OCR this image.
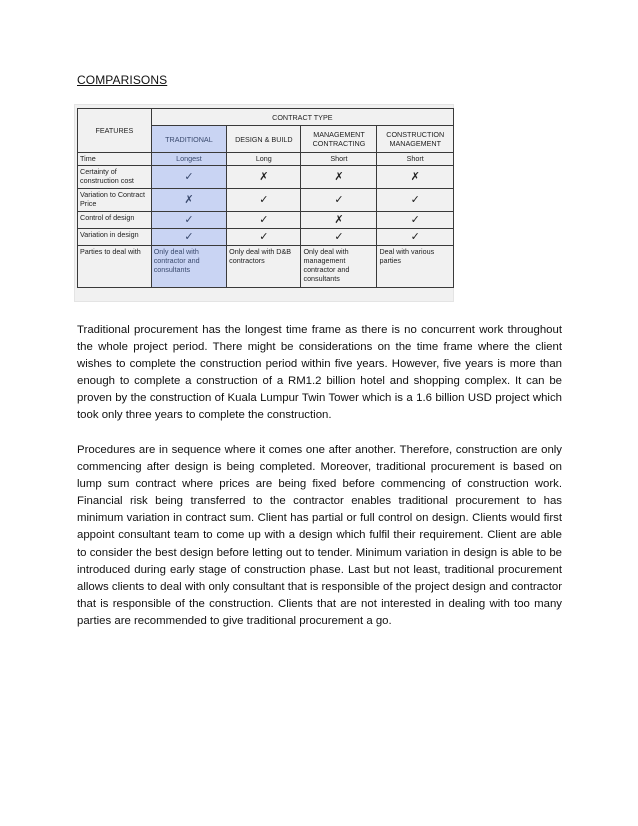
COMPARISONS
FEATURES	CONTRACT TYPE			
	TRADITIONAL	DESIGN & BUILD	MANAGEMENT CONTRACTING	CONSTRUCTION MANAGEMENT
Time	Longest	Long	Short	Short
Certainty of construction cost	✓	✗	✗	✗
Variation to Contract Price	✗	✓	✓	✓
Control of design	✓	✓	✗	✓
Variation in design	✓	✓	✓	✓
Parties to deal with	Only deal with contractor and consultants	Only deal with D&B contractors	Only deal with management contractor and consultants	Deal with various parties

Traditional procurement has the longest time frame as there is no concurrent work throughout the whole project period. There might be considerations on the time frame where the client wishes to complete the construction period within five years. However, five years is more than enough to complete a construction of a RM1.2 billion hotel and shopping complex. It can be proven by the construction of Kuala Lumpur Twin Tower which is a 1.6 billion USD project which took only three years to complete the construction.

Procedures are in sequence where it comes one after another. Therefore, construction are only commencing after design is being completed. Moreover, traditional procurement is based on lump sum contract where prices are being fixed before commencing of construction work. Financial risk being transferred to the contractor enables traditional procurement to has minimum variation in contract sum. Client has partial or full control on design. Clients would first appoint consultant team to come up with a design which fulfil their requirement. Client are able to consider the best design before letting out to tender. Minimum variation in design is able to be introduced during early stage of construction phase. Last but not least, traditional procurement allows clients to deal with only consultant that is responsible of the project design and contractor that is responsible of the construction. Clients that are not interested in dealing with too many parties are recommended to give traditional procurement a go.
